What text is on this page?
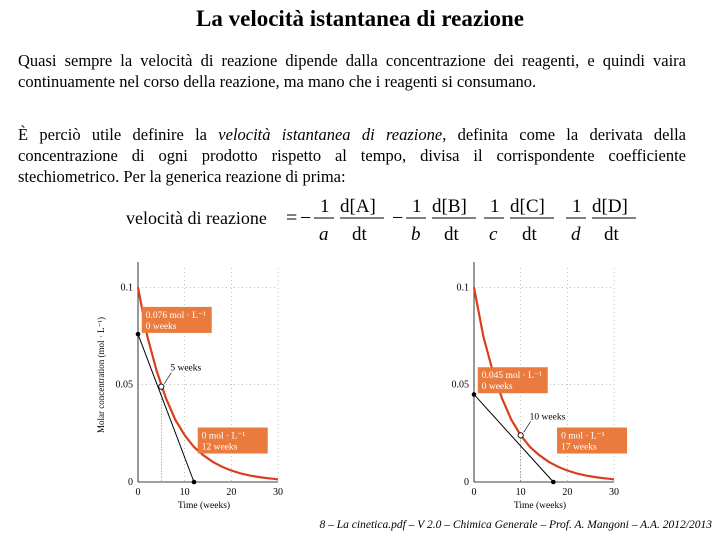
La velocità istantanea di reazione

Quasi sempre la velocità di reazione dipende dalla concentrazione dei reagenti, e quindi vaira continuamente nel corso della reazione, ma mano che i reagenti si consumano.

È perciò utile definire la velocità istantanea di reazione, definita come la derivata della concentrazione di ogni prodotto rispetto al tempo, divisa il corrispondente coefficiente stechiometrico. Per la generica reazione di prima:

velocità di reazione = −
1
a
d[A]
dt
−
1
b
d[B]
dt
1
c
d[C]
dt
1
d
d[D]
dt
0	10	20	30
0
0.05
0.1
Time (weeks)
Molar concentration (mol · L⁻¹)	5 weeks
0.076 mol · L⁻¹
0 weeks
0 mol · L⁻¹
12 weeks
0	10	20	30
0
0.05
0.1
Time (weeks)
10 weeks
0.045 mol · L⁻¹
0 weeks
0 mol · L⁻¹
17 weeks
8 – La cinetica.pdf – V 2.0 – Chimica Generale – Prof. A. Mangoni – A.A. 2012/2013
